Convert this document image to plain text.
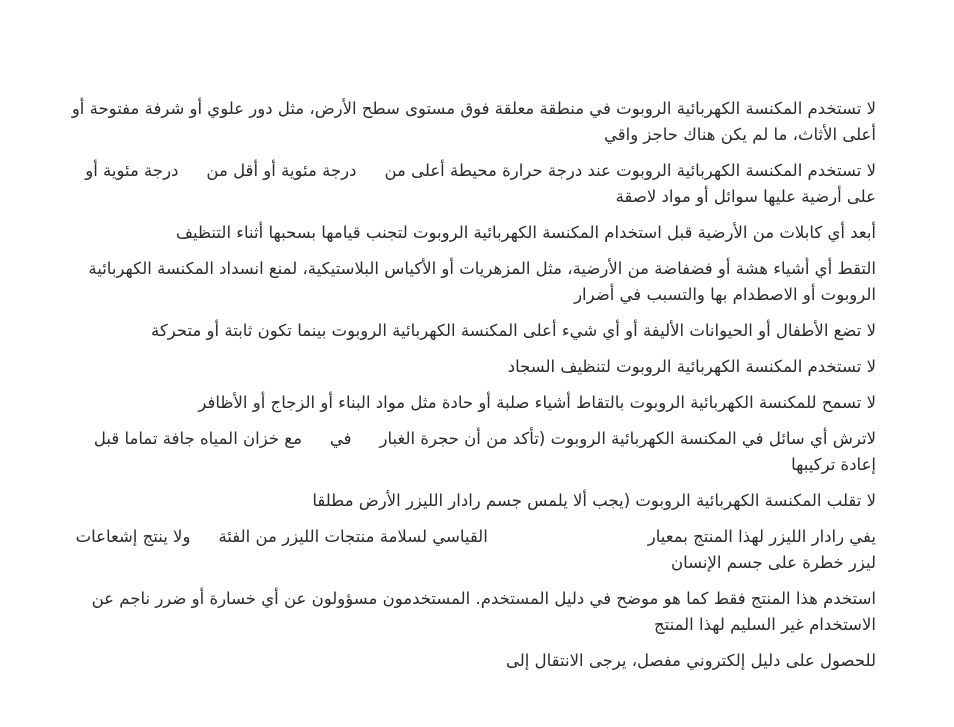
لا تستخدم المكنسة الكهربائية الروبوت في منطقة معلقة فوق مستوى سطح الأرض، مثل دور علوي أو شرفة مفتوحة أو أعلى الأثاث، ما لم يكن هناك حاجز واقي

لا تستخدم المكنسة الكهربائية الروبوت عند درجة حرارة محيطة أعلى مندرجة مئوية أو أقل مندرجة مئوية أو على أرضية عليها سوائل أو مواد لاصقة

أبعد أي كابلات من الأرضية قبل استخدام المكنسة الكهربائية الروبوت لتجنب قيامها بسحبها أثناء التنظيف

التقط أي أشياء هشة أو فضفاضة من الأرضية، مثل المزهريات أو الأكياس البلاستيكية، لمنع انسداد المكنسة الكهربائية الروبوت أو الاصطدام بها والتسبب في أضرار

لا تضع الأطفال أو الحيوانات الأليفة أو أي شيء أعلى المكنسة الكهربائية الروبوت بينما تكون ثابتة أو متحركة

لا تستخدم المكنسة الكهربائية الروبوت لتنظيف السجاد

لا تسمح للمكنسة الكهربائية الروبوت بالتقاط أشياء صلبة أو حادة مثل مواد البناء أو الزجاج أو الأظافر

لاترش أي سائل في المكنسة الكهربائية الروبوت (تأكد من أن حجرة الغبارفيمع خزان المياه جافة تماما قبل إعادة تركيبها

لا تقلب المكنسة الكهربائية الروبوت (يجب ألا يلمس جسم رادار الليزر الأرض مطلقا

يفي رادار الليزر لهذا المنتج بمعيارالقياسي لسلامة منتجات الليزر من الفئةولا ينتج إشعاعات ليزر خطرة على جسم الإنسان

استخدم هذا المنتج فقط كما هو موضح في دليل المستخدم. المستخدمون مسؤولون عن أي خسارة أو ضرر ناجم عن الاستخدام غير السليم لهذا المنتج

للحصول على دليل إلكتروني مفصل، يرجى الانتقال إلى
